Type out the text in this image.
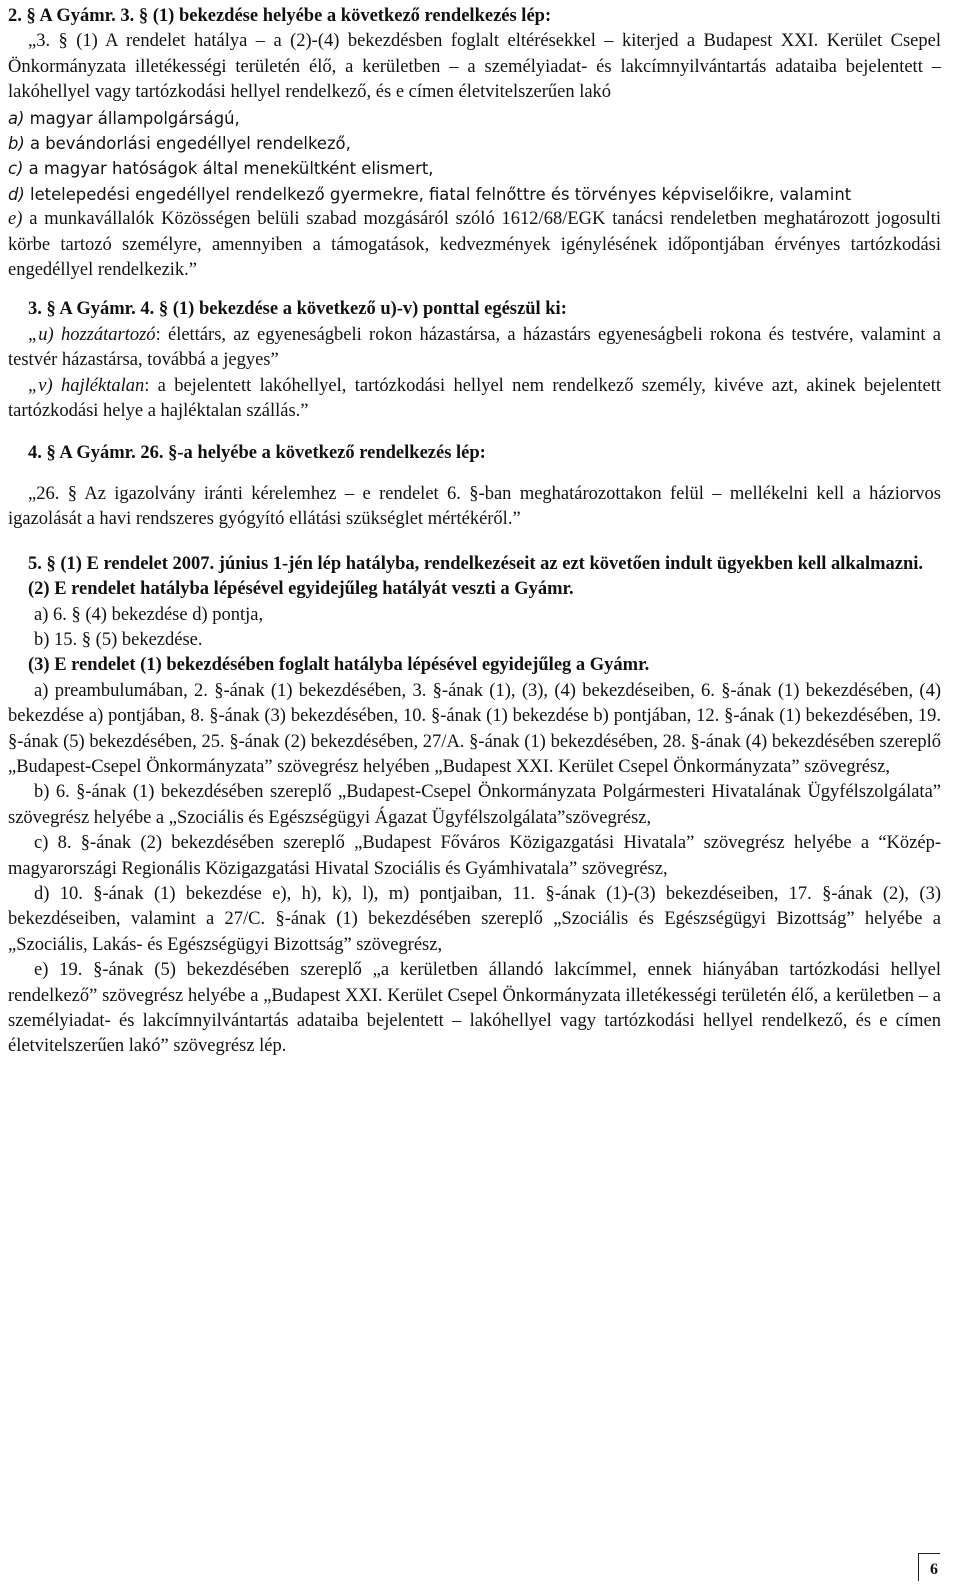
2. § A Gyámr. 3. § (1) bekezdése helyébe a következő rendelkezés lép:

„3. § (1) A rendelet hatálya – a (2)-(4) bekezdésben foglalt eltérésekkel – kiterjed a Budapest XXI. Kerület Csepel Önkormányzata illetékességi területén élő, a kerületben – a személyiadat- és lakcímnyilvántartás adataiba bejelentett – lakóhellyel vagy tartózkodási hellyel rendelkező, és e címen életvitelszerűen lakó

a) magyar állampolgárságú,

b) a bevándorlási engedéllyel rendelkező,

c) a magyar hatóságok által menekültként elismert,

d) letelepedési engedéllyel rendelkező gyermekre, fiatal felnőttre és törvényes képviselőikre, valamint

e) a munkavállalók Közösségen belüli szabad mozgásáról szóló 1612/68/EGK tanácsi rendeletben meghatározott jogosulti körbe tartozó személyre, amennyiben a támogatások, kedvezmények igénylésének időpontjában érvényes tartózkodási engedéllyel rendelkezik.”

3. § A Gyámr. 4. § (1) bekezdése a következő u)-v) ponttal egészül ki:

„u) hozzátartozó: élettárs, az egyeneságbeli rokon házastársa, a házastárs egyeneságbeli rokona és testvére, valamint a testvér házastársa, továbbá a jegyes”

„v) hajléktalan: a bejelentett lakóhellyel, tartózkodási hellyel nem rendelkező személy, kivéve azt, akinek bejelentett tartózkodási helye a hajléktalan szállás.”

4. § A Gyámr. 26. §-a helyébe a következő rendelkezés lép:

„26. § Az igazolvány iránti kérelemhez – e rendelet 6. §-ban meghatározottakon felül – mellékelni kell a háziorvos igazolását a havi rendszeres gyógyító ellátási szükséglet mértékéről.”

5. § (1) E rendelet 2007. június 1-jén lép hatályba, rendelkezéseit az ezt követően indult ügyekben kell alkalmazni.

(2) E rendelet hatályba lépésével egyidejűleg hatályát veszti a Gyámr.

a) 6. § (4) bekezdése d) pontja,

b) 15. § (5) bekezdése.

(3) E rendelet (1) bekezdésében foglalt hatályba lépésével egyidejűleg a Gyámr.

a) preambulumában, 2. §-ának (1) bekezdésében, 3. §-ának (1), (3), (4) bekezdéseiben, 6. §-ának (1) bekezdésében, (4) bekezdése a) pontjában, 8. §-ának (3) bekezdésében, 10. §-ának (1) bekezdése b) pontjában, 12. §-ának (1) bekezdésében, 19. §-ának (5) bekezdésében, 25. §-ának (2) bekezdésében, 27/A. §-ának (1) bekezdésében, 28. §-ának (4) bekezdésében szereplő „Budapest-Csepel Önkormányzata” szövegrész helyében „Budapest XXI. Kerület Csepel Önkormányzata” szövegrész,

b) 6. §-ának (1) bekezdésében szereplő „Budapest-Csepel Önkormányzata Polgármesteri Hivatalának Ügyfélszolgálata” szövegrész helyébe a „Szociális és Egészségügyi Ágazat Ügyfélszolgálata”szövegrész,

c) 8. §-ának (2) bekezdésében szereplő „Budapest Főváros Közigazgatási Hivatala” szövegrész helyébe a “Közép-magyarországi Regionális Közigazgatási Hivatal Szociális és Gyámhivatala” szövegrész,

d) 10. §-ának (1) bekezdése e), h), k), l), m) pontjaiban, 11. §-ának (1)-(3) bekezdéseiben, 17. §-ának (2), (3) bekezdéseiben, valamint a 27/C. §-ának (1) bekezdésében szereplő „Szociális és Egészségügyi Bizottság” helyébe a „Szociális, Lakás- és Egészségügyi Bizottság” szövegrész,

e) 19. §-ának (5) bekezdésében szereplő „a kerületben állandó lakcímmel, ennek hiányában tartózkodási hellyel rendelkező” szövegrész helyébe a „Budapest XXI. Kerület Csepel Önkormányzata illetékességi területén élő, a kerületben – a személyiadat- és lakcímnyilvántartás adataiba bejelentett – lakóhellyel vagy tartózkodási hellyel rendelkező, és e címen életvitelszerűen lakó” szövegrész lép.

6
